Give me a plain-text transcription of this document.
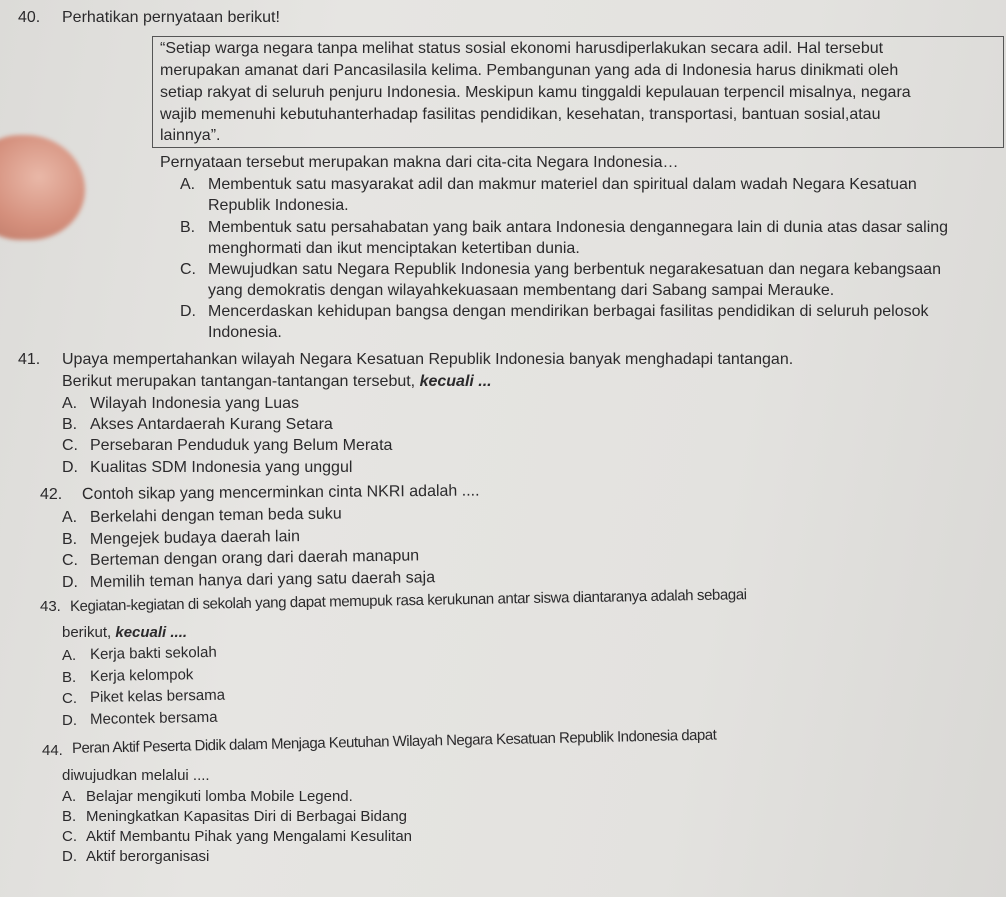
40. Perhatikan pernyataan berikut!
“Setiap warga negara tanpa melihat status sosial ekonomi harusdiperlakukan secara adil. Hal tersebut
merupakan amanat dari Pancasilasila kelima. Pembangunan yang ada di Indonesia harus dinikmati oleh
setiap rakyat di seluruh penjuru Indonesia. Meskipun kamu tinggaldi kepulauan terpencil misalnya, negara
wajib memenuhi kebutuhanterhadap fasilitas pendidikan, kesehatan, transportasi, bantuan sosial,atau
lainnya”.
Pernyataan tersebut merupakan makna dari cita-cita Negara Indonesia…
A. Membentuk satu masyarakat adil dan makmur materiel dan spiritual dalam wadah Negara Kesatuan
Republik Indonesia.
B. Membentuk satu persahabatan yang baik antara Indonesia dengannegara lain di dunia atas dasar saling
menghormati dan ikut menciptakan ketertiban dunia.
C. Mewujudkan satu Negara Republik Indonesia yang berbentuk negarakesatuan dan negara kebangsaan
yang demokratis dengan wilayahkekuasaan membentang dari Sabang sampai Merauke.
D. Mencerdaskan kehidupan bangsa dengan mendirikan berbagai fasilitas pendidikan di seluruh pelosok
Indonesia.
41. Upaya mempertahankan wilayah Negara Kesatuan Republik Indonesia banyak menghadapi tantangan.
Berikut merupakan tantangan-tantangan tersebut, kecuali ...
A. Wilayah Indonesia yang Luas
B. Akses Antardaerah Kurang Setara
C. Persebaran Penduduk yang Belum Merata
D. Kualitas SDM Indonesia yang unggul
42. Contoh sikap yang mencerminkan cinta NKRI adalah ....
A. Berkelahi dengan teman beda suku
B. Mengejek budaya daerah lain
C. Berteman dengan orang dari daerah manapun
D. Memilih teman hanya dari yang satu daerah saja
43. Kegiatan-kegiatan di sekolah yang dapat memupuk rasa kerukunan antar siswa diantaranya adalah sebagai
berikut, kecuali ....
A. Kerja bakti sekolah
B. Kerja kelompok
C. Piket kelas bersama
D. Mecontek bersama
44. Peran Aktif Peserta Didik dalam Menjaga Keutuhan Wilayah Negara Kesatuan Republik Indonesia dapat
diwujudkan melalui ....
A. Belajar mengikuti lomba Mobile Legend.
B. Meningkatkan Kapasitas Diri di Berbagai Bidang
C. Aktif Membantu Pihak yang Mengalami Kesulitan
D. Aktif berorganisasi
